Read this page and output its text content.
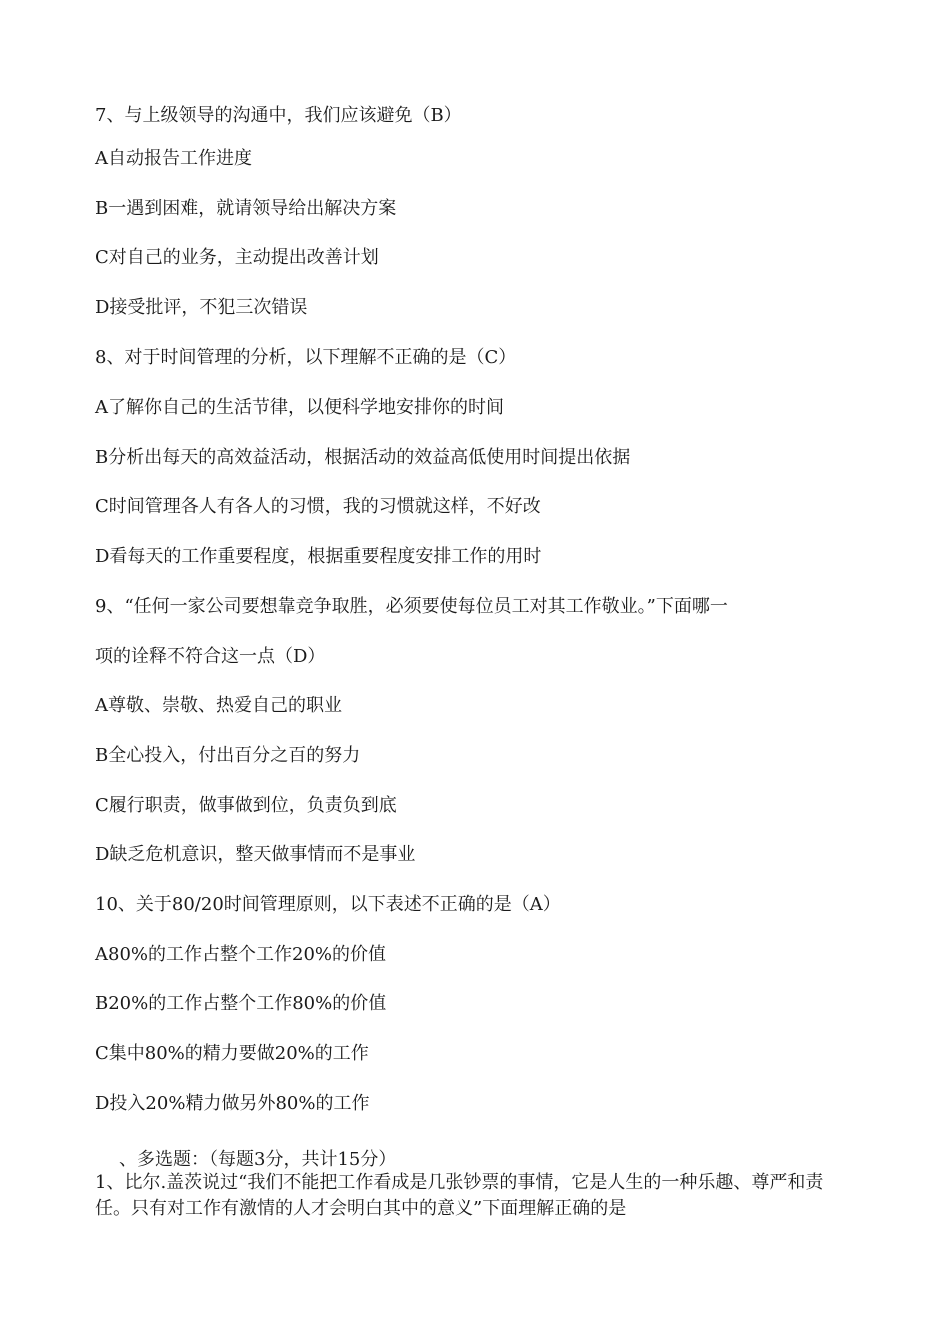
7、与上级领导的沟通中，我们应该避免（B）
A自动报告工作进度
B一遇到困难，就请领导给出解决方案
C对自己的业务，主动提出改善计划
D接受批评，不犯三次错误
8、对于时间管理的分析，以下理解不正确的是（C）
A了解你自己的生活节律，以便科学地安排你的时间
B分析出每天的高效益活动，根据活动的效益高低使用时间提出依据
C时间管理各人有各人的习惯，我的习惯就这样，不好改
D看每天的工作重要程度，根据重要程度安排工作的用时
9、“任何一家公司要想靠竞争取胜，必须要使每位员工对其工作敬业。”下面哪一
项的诠释不符合这一点（D）
A尊敬、崇敬、热爱自己的职业
B全心投入，付出百分之百的努力
C履行职责，做事做到位，负责负到底
D缺乏危机意识，整天做事情而不是事业
10、关于80/20时间管理原则，以下表述不正确的是（A）
A80%的工作占整个工作20%的价值
B20%的工作占整个工作80%的价值
C集中80%的精力要做20%的工作
D投入20%精力做另外80%的工作
、多选题：（每题3分，共计15分）
1、比尔.盖茨说过“我们不能把工作看成是几张钞票的事情，它是人生的一种乐趣、尊严和责任。只有对工作有激情的人才会明白其中的意义”下面理解正确的是
